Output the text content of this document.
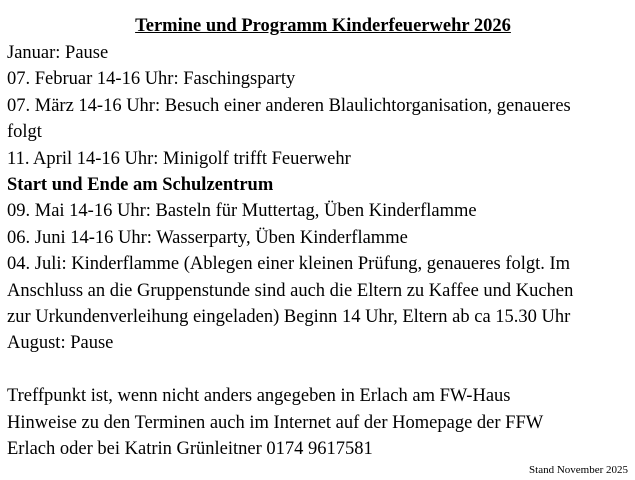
Termine und Programm Kinderfeuerwehr 2026
Januar: Pause
07. Februar 14-16 Uhr: Faschingsparty
07. März 14-16 Uhr: Besuch einer anderen Blaulichtorganisation, genaueres
folgt
11. April 14-16 Uhr: Minigolf trifft Feuerwehr
Start und Ende am Schulzentrum
09. Mai 14-16 Uhr: Basteln für Muttertag, Üben Kinderflamme
06. Juni 14-16 Uhr: Wasserparty, Üben Kinderflamme
04. Juli: Kinderflamme (Ablegen einer kleinen Prüfung, genaueres folgt. Im
Anschluss an die Gruppenstunde sind auch die Eltern zu Kaffee und Kuchen
zur Urkundenverleihung eingeladen) Beginn 14 Uhr, Eltern ab ca 15.30 Uhr
August: Pause
Treffpunkt ist, wenn nicht anders angegeben in Erlach am FW-Haus
Hinweise zu den Terminen auch im Internet auf der Homepage der FFW
Erlach oder bei Katrin Grünleitner 0174 9617581
Stand November 2025
